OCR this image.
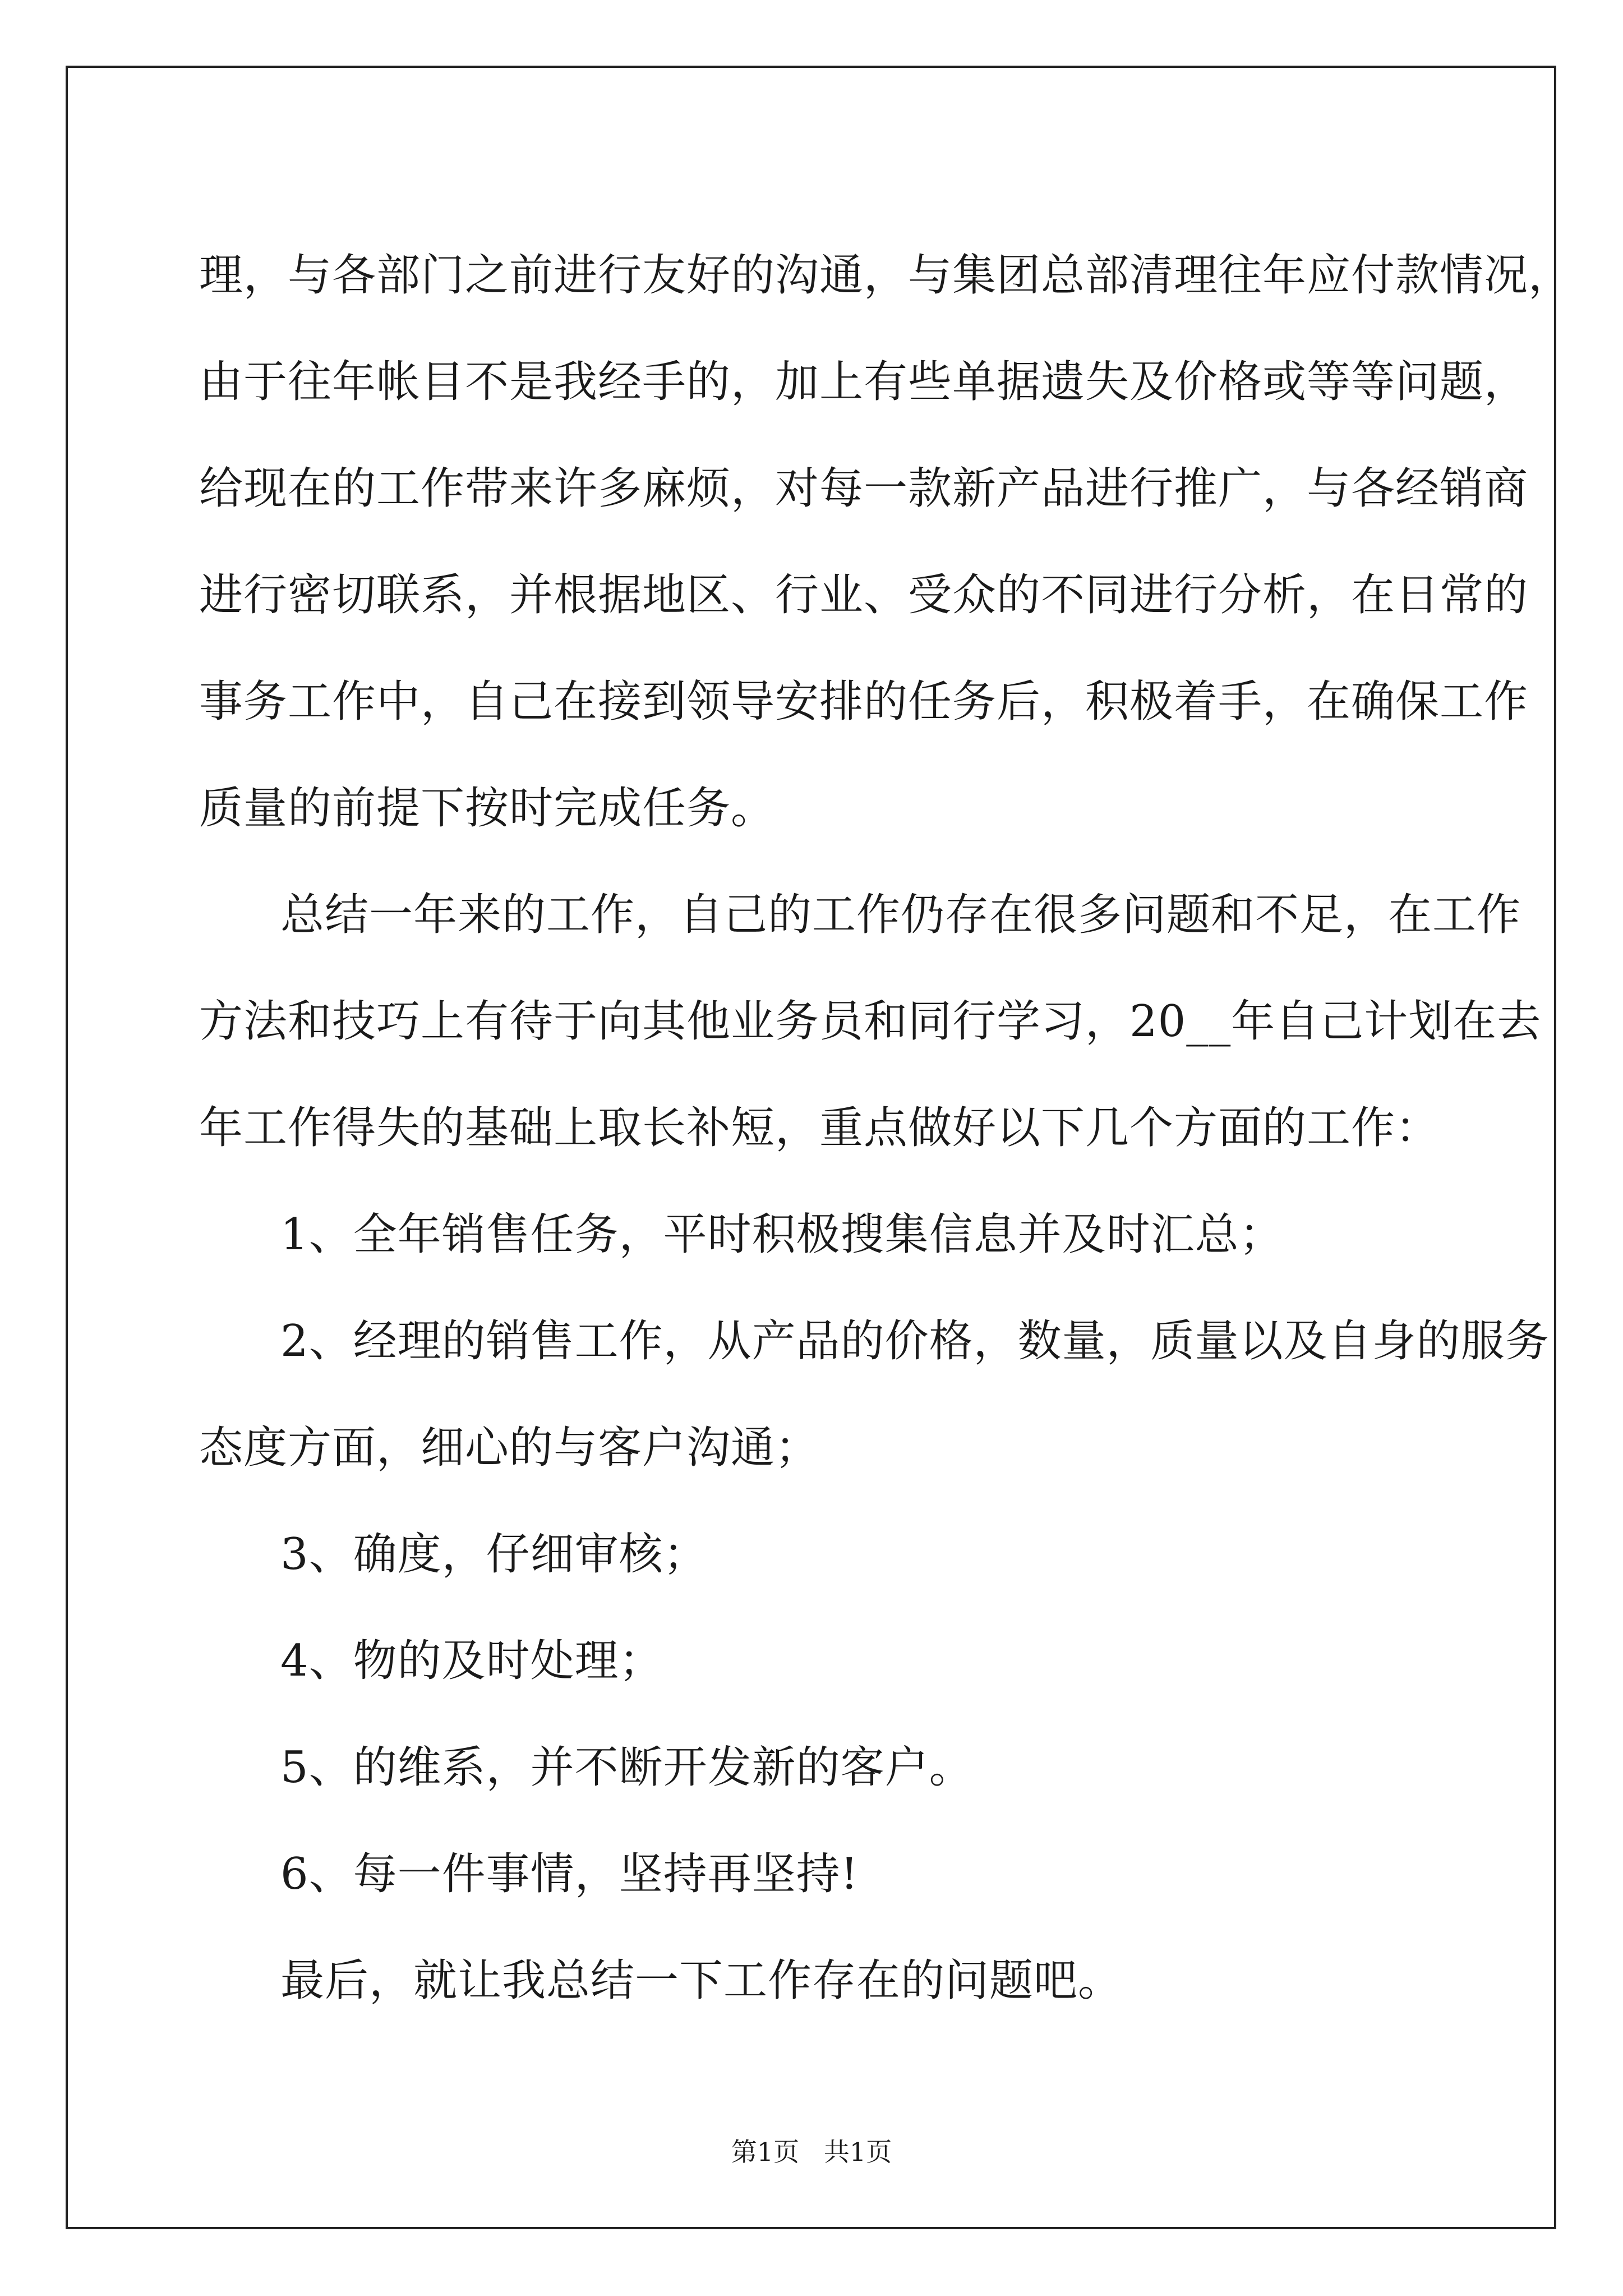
理，与各部门之前进行友好的沟通，与集团总部清理往年应付款情况，
由于往年帐目不是我经手的，加上有些单据遗失及价格或等等问题，
给现在的工作带来许多麻烦，对每一款新产品进行推广，与各经销商
进行密切联系，并根据地区、行业、受众的不同进行分析，在日常的
事务工作中，自己在接到领导安排的任务后，积极着手，在确保工作
质量的前提下按时完成任务。
总结一年来的工作，自己的工作仍存在很多问题和不足，在工作
方法和技巧上有待于向其他业务员和同行学习，20__年自己计划在去
年工作得失的基础上取长补短，重点做好以下几个方面的工作：
1、全年销售任务，平时积极搜集信息并及时汇总；
2、经理的销售工作，从产品的价格，数量，质量以及自身的服务
态度方面，细心的与客户沟通；
3、确度，仔细审核；
4、物的及时处理；
5、的维系，并不断开发新的客户。
6、每一件事情，坚持再坚持!
最后，就让我总结一下工作存在的问题吧。
第1页   共1页
